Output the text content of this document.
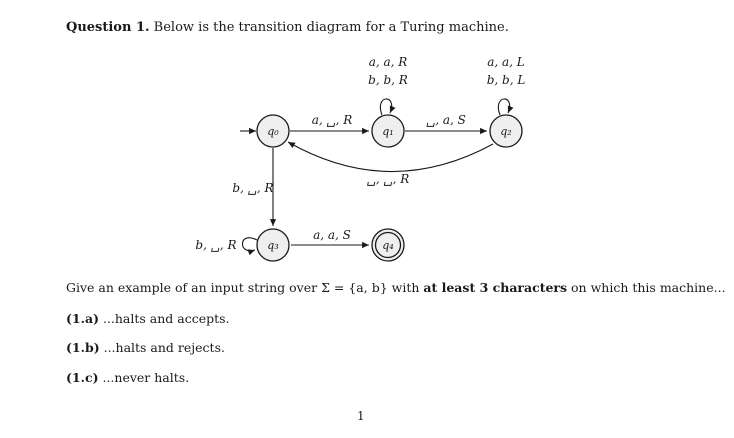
Question 1. Below is the transition diagram for a Turing machine.
q₀	q₁	q₂
q₃	q₄
a, a, R
b, b, R
a, a, L
b, b, L
a, ␣, R	␣, a, S
␣, ␣, R
b, ␣, R
b, ␣, R
a, a, S
Give an example of an input string over Σ = {a, b} with at least 3 characters on which this machine...
(1.a) ...halts and accepts.
(1.b) ...halts and rejects.
(1.c) ...never halts.
1
